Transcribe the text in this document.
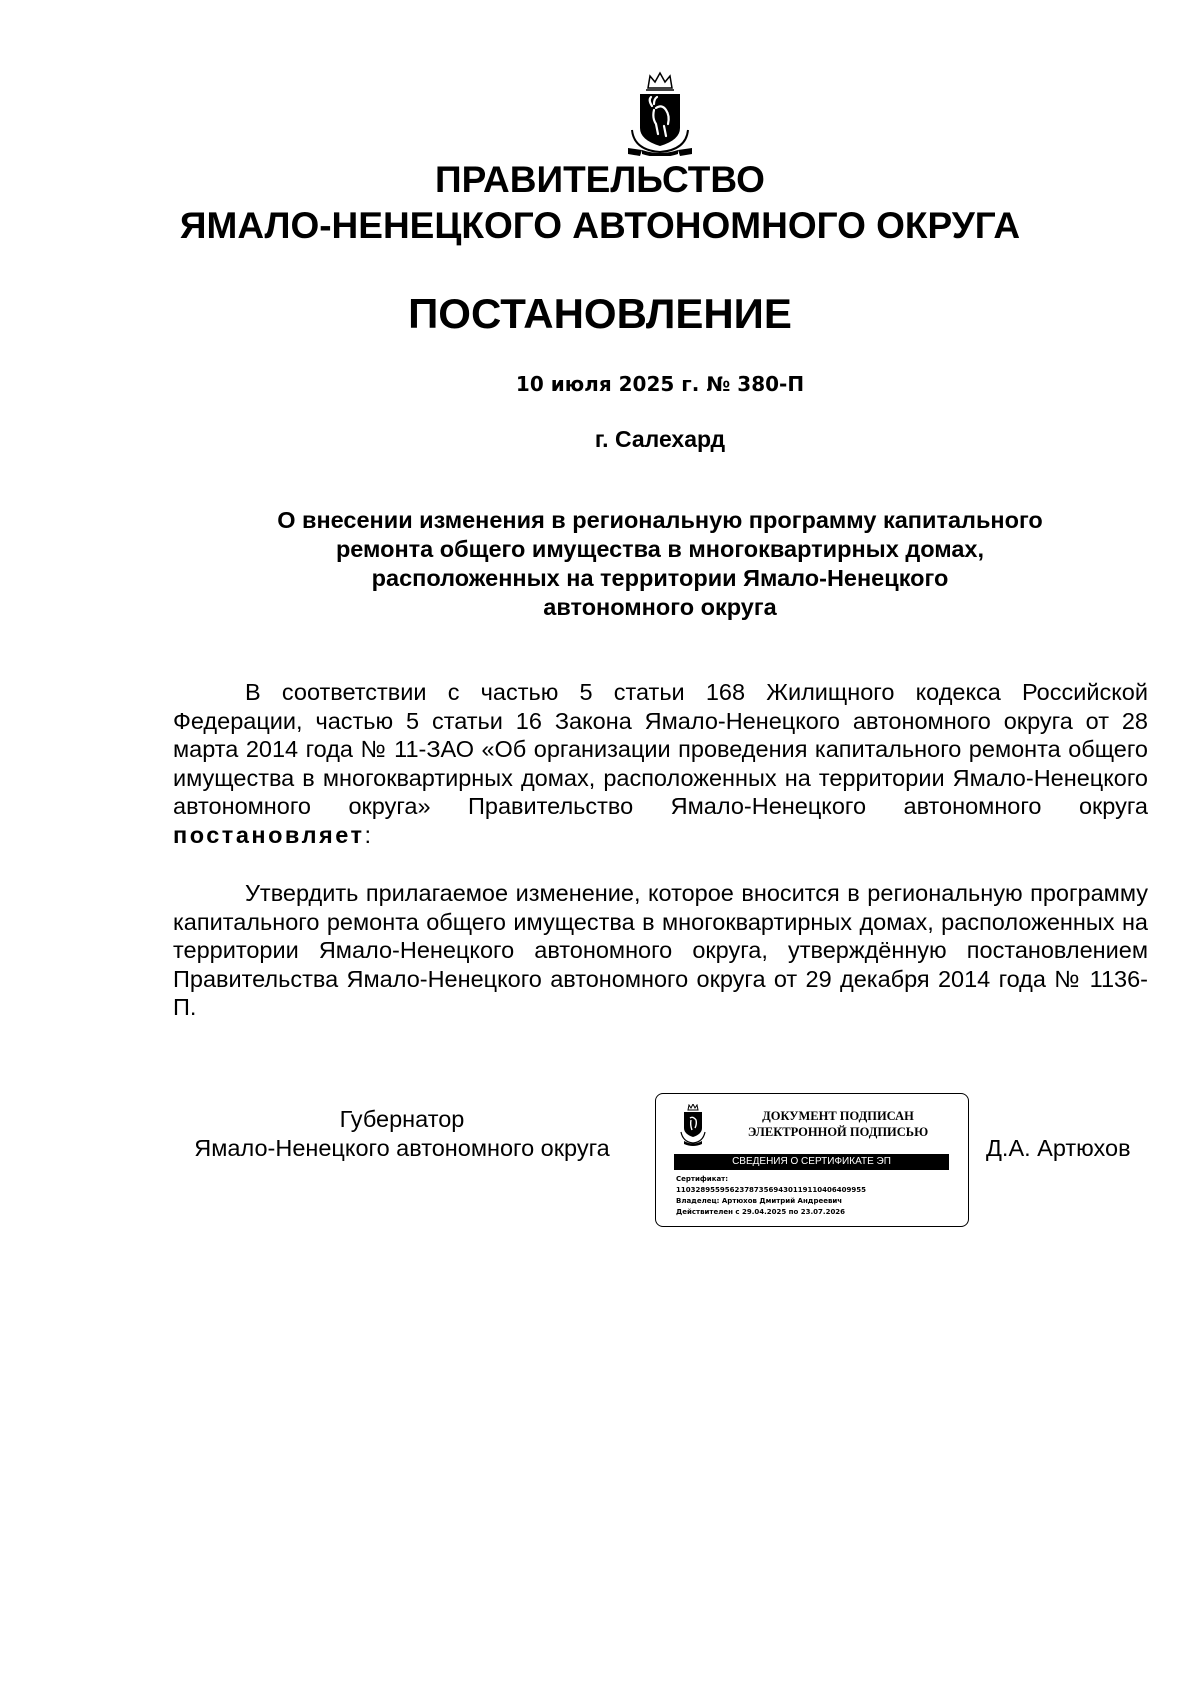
ПРАВИТЕЛЬСТВО
ЯМАЛО-НЕНЕЦКОГО АВТОНОМНОГО ОКРУГА
ПОСТАНОВЛЕНИЕ
10 июля 2025 г. № 380-П
г. Салехард
О внесении изменения в региональную программу капитального
ремонта общего имущества в многоквартирных домах,
расположенных на территории Ямало-Ненецкого
автономного округа

В соответствии с частью 5 статьи 168 Жилищного кодекса Российской Федерации, частью 5 статьи 16 Закона Ямало-Ненецкого автономного округа от 28 марта 2014 года № 11-ЗАО «Об организации проведения капитального ремонта общего имущества в многоквартирных домах, расположенных на территории Ямало-Ненецкого автономного округа» Правительство Ямало-Ненецкого автономного округа постановляет:

Утвердить прилагаемое изменение, которое вносится в региональную программу капитального ремонта общего имущества в многоквартирных домах, расположенных на территории Ямало-Ненецкого автономного округа, утверждённую постановлением Правительства Ямало-Ненецкого автономного округа от 29 декабря 2014 года № 1136-П.

Губернатор
Ямало-Ненецкого автономного округа
ДОКУМЕНТ ПОДПИСАН
ЭЛЕКТРОННОЙ ПОДПИСЬЮ
СВЕДЕНИЯ О СЕРТИФИКАТЕ ЭП
Сертификат:
110328955956237873569430119110406409955
Владелец: Артюхов Дмитрий Андреевич
Действителен с 29.04.2025 по 23.07.2026
Д.А. Артюхов
